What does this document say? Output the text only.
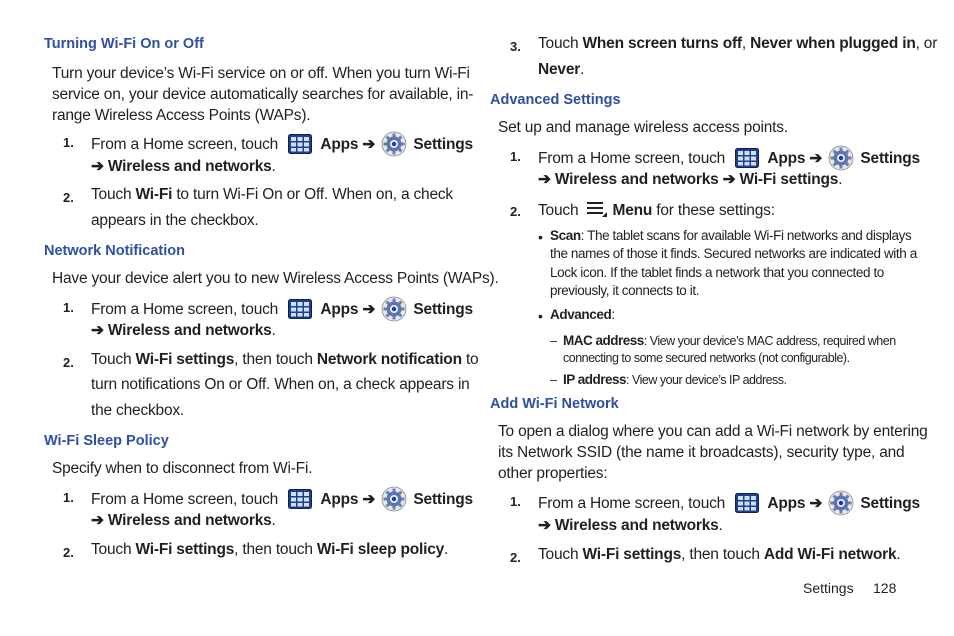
Turning Wi-Fi On or Off
Turn your device’s Wi-Fi service on or off. When you turn Wi-Fi
service on, your device automatically searches for available, in-
range Wireless Access Points (WAPs).
1. From a Home screen, touch	Apps ➔ Settings
➔ Wireless and networks.
2. Touch Wi-Fi to turn Wi-Fi On or Off. When on, a check
appears in the checkbox.
Network Notification
Have your device alert you to new Wireless Access Points (WAPs).
1. From a Home screen, touch	Apps ➔ Settings
➔ Wireless and networks.
2. Touch Wi-Fi settings, then touch Network notification to
turn notifications On or Off. When on, a check appears in
the checkbox.
Wi-Fi Sleep Policy
Specify when to disconnect from Wi-Fi.
1. From a Home screen, touch	Apps ➔ Settings
➔ Wireless and networks.
2. Touch Wi-Fi settings, then touch Wi-Fi sleep policy.
3. Touch When screen turns off, Never when plugged in, or
Never.
Advanced Settings
Set up and manage wireless access points.
1. From a Home screen, touch	Apps ➔ Settings
➔ Wireless and networks ➔ Wi-Fi settings.
2. Touch Menu for these settings:
• Scan: The tablet scans for available Wi-Fi networks and displays
the names of those it finds. Secured networks are indicated with a
Lock icon. If the tablet finds a network that you connected to
previously, it connects to it.
• Advanced:
– MAC address: View your device’s MAC address, required when
connecting to some secured networks (not configurable).
– IP address: View your device’s IP address.
Add Wi-Fi Network
To open a dialog where you can add a Wi-Fi network by entering
its Network SSID (the name it broadcasts), security type, and
other properties:
1. From a Home screen, touch	Apps ➔ Settings
➔ Wireless and networks.
2. Touch Wi-Fi settings, then touch Add Wi-Fi network.
Settings 128
